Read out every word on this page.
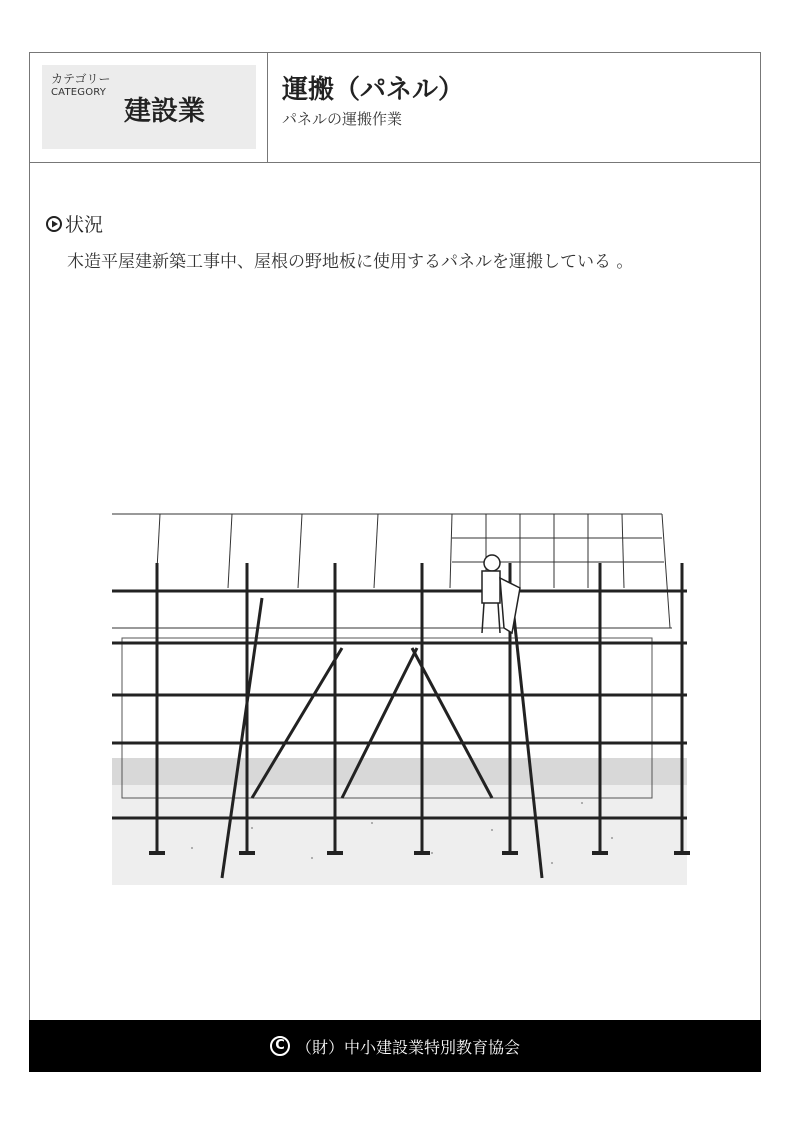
カテゴリー
CATEGORY
建設業
運搬（パネル）
パネルの運搬作業
状況
木造平屋建新築工事中、屋根の野地板に使用するパネルを運搬している 。
C （財）中小建設業特別教育協会
